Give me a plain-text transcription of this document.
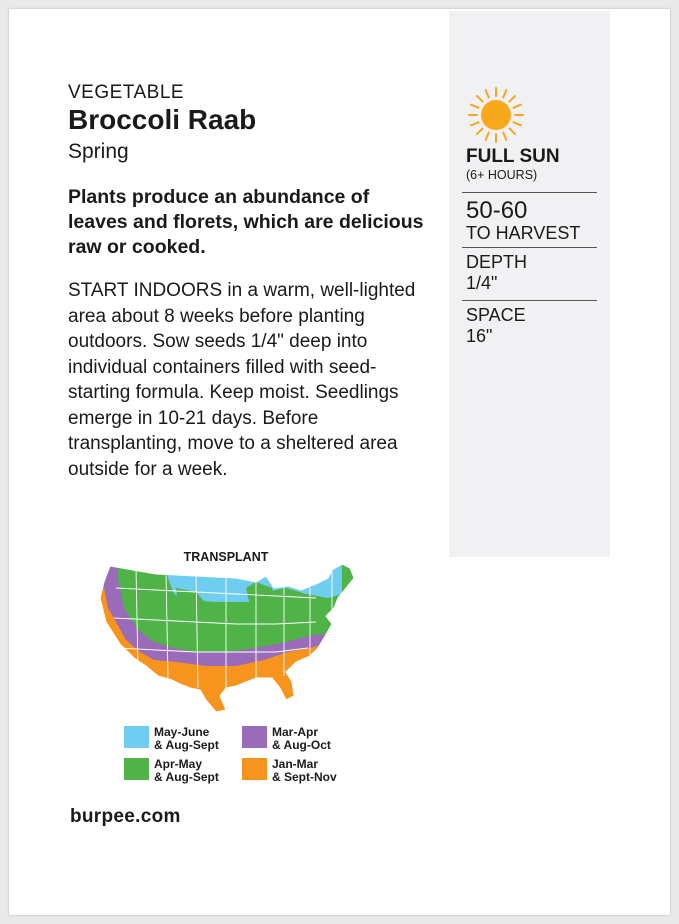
VEGETABLE
Broccoli Raab
Spring
Plants produce an abundance of leaves and florets, which are delicious raw or cooked.
START INDOORS in a warm, well-lighted area about 8 weeks before planting outdoors. Sow seeds 1/4" deep into individual containers filled with seed-starting formula. Keep moist. Seedlings emerge in 10-21 days. Before transplanting, move to a sheltered area outside for a week.
FULL SUN
(6+ HOURS)
50-60
TO HARVEST
DEPTH
1/4"
SPACE
16"
TRANSPLANT
May-June
& Aug-Sept
Mar-Apr
& Aug-Oct
Apr-May
& Aug-Sept
Jan-Mar
& Sept-Nov
burpee.com
